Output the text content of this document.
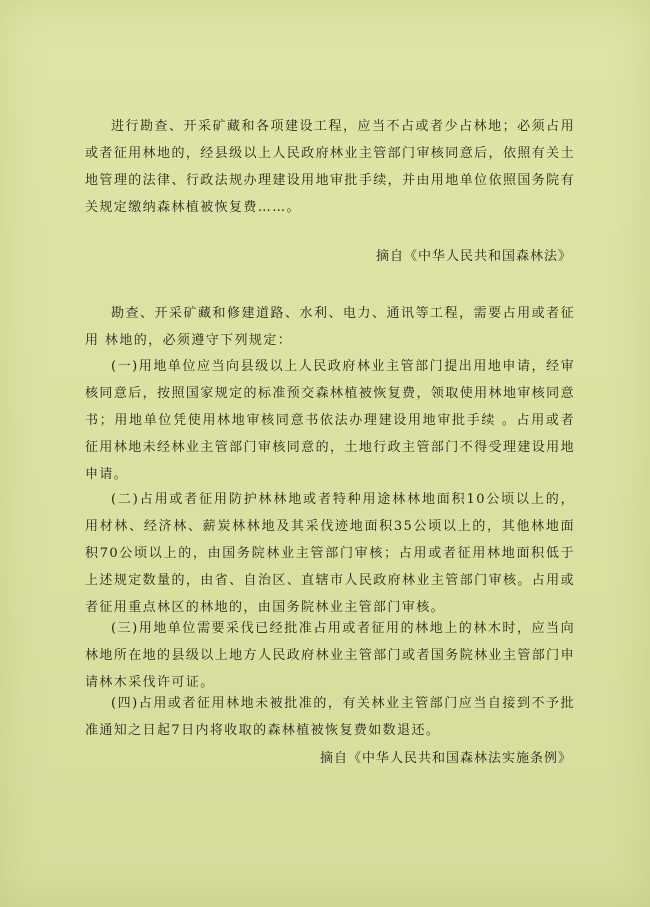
进行勘查、开采矿藏和各项建设工程，应当不占或者少占林地；必须占用或者征用林地的，经县级以上人民政府林业主管部门审核同意后，依照有关土地管理的法律、行政法规办理建设用地审批手续，并由用地单位依照国务院有关规定缴纳森林植被恢复费……。

摘自《中华人民共和国森林法》

勘查、开采矿藏和修建道路、水利、电力、通讯等工程，需要占用或者征用 林地的，必须遵守下列规定：

(一)用地单位应当向县级以上人民政府林业主管部门提出用地申请，经审核同意后，按照国家规定的标准预交森林植被恢复费，领取使用林地审核同意书；用地单位凭使用林地审核同意书依法办理建设用地审批手续 。占用或者征用林地未经林业主管部门审核同意的，土地行政主管部门不得受理建设用地申请。

(二)占用或者征用防护林林地或者特种用途林林地面积10公顷以上的，用材林、经济林、薪炭林林地及其采伐迹地面积35公顷以上的，其他林地面积70公顷以上的，由国务院林业主管部门审核；占用或者征用林地面积低于上述规定数量的，由省、自治区、直辖市人民政府林业主管部门审核。占用或者征用重点林区的林地的，由国务院林业主管部门审核。

(三)用地单位需要采伐已经批准占用或者征用的林地上的林木时，应当向林地所在地的县级以上地方人民政府林业主管部门或者国务院林业主管部门申请林木采伐许可证。

(四)占用或者征用林地未被批准的，有关林业主管部门应当自接到不予批准通知之日起7日内将收取的森林植被恢复费如数退还。

摘自《中华人民共和国森林法实施条例》
